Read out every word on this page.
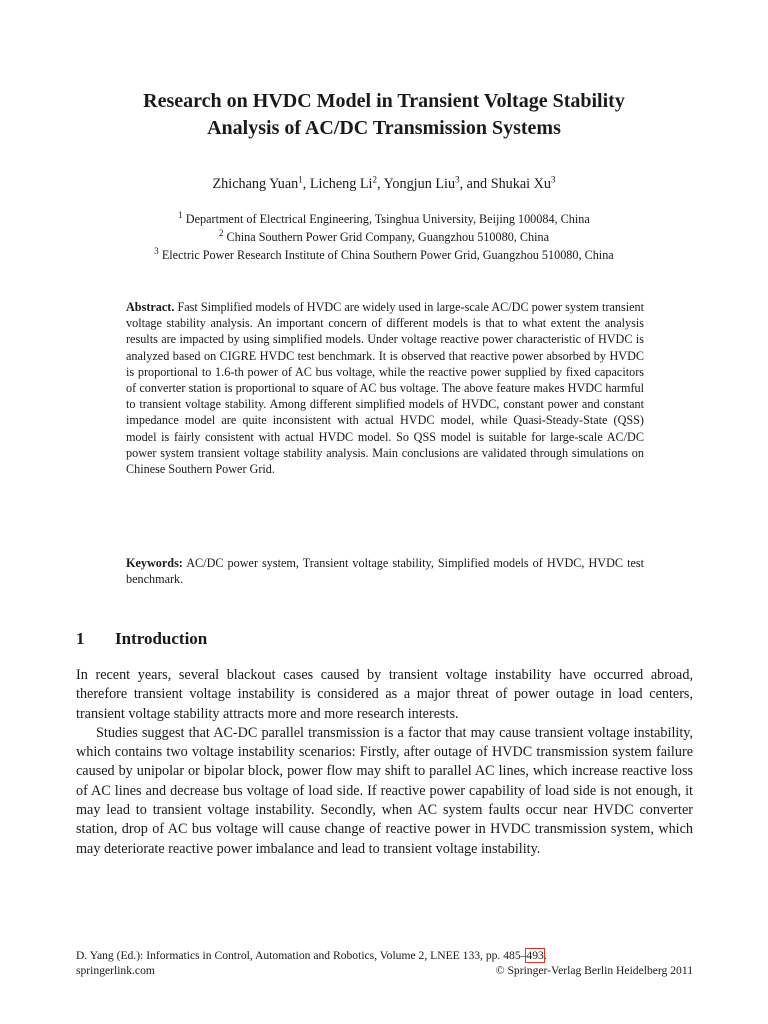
Research on HVDC Model in Transient Voltage Stability
Analysis of AC/DC Transmission Systems
Zhichang Yuan$^1$, Licheng Li$^2$, Yongjun Liu$^3$, and Shukai Xu$^3$
$^1$ Department of Electrical Engineering, Tsinghua University, Beijing 100084, China
$^2$ China Southern Power Grid Company, Guangzhou 510080, China
$^3$ Electric Power Research Institute of China Southern Power Grid, Guangzhou 510080, China
Abstract. Fast Simplified models of HVDC are widely used in large-scale AC/DC power system transient voltage stability analysis. An important concern of different models is that to what extent the analysis results are impacted by using simplified models. Under voltage reactive power characteristic of HVDC is analyzed based on CIGRE HVDC test benchmark. It is observed that reactive power absorbed by HVDC is proportional to 1.6-th power of AC bus voltage, while the reactive power supplied by fixed capacitors of converter station is proportional to square of AC bus voltage. The above feature makes HVDC harmful to transient voltage stability. Among different simplified models of HVDC, constant power and constant impedance model are quite inconsistent with actual HVDC model, while Quasi-Steady-State (QSS) model is fairly consistent with actual HVDC model. So QSS model is suitable for large-scale AC/DC power system transient voltage stability analysis. Main conclusions are validated through simulations on Chinese Southern Power Grid.
Keywords: AC/DC power system, Transient voltage stability, Simplified models of HVDC, HVDC test benchmark.
1 Introduction

In recent years, several blackout cases caused by transient voltage instability have occurred abroad, therefore transient voltage instability is considered as a major threat of power outage in load centers, transient voltage stability attracts more and more research interests.

Studies suggest that AC-DC parallel transmission is a factor that may cause transient voltage instability, which contains two voltage instability scenarios: Firstly, after outage of HVDC transmission system failure caused by unipolar or bipolar block, power flow may shift to parallel AC lines, which increase reactive loss of AC lines and decrease bus voltage of load side. If reactive power capability of load side is not enough, it may lead to transient voltage instability. Secondly, when AC system faults occur near HVDC converter station, drop of AC bus voltage will cause change of reactive power in HVDC transmission system, which may deteriorate reactive power imbalance and lead to transient voltage instability.

D. Yang (Ed.): Informatics in Control, Automation and Robotics, Volume 2, LNEE 133, pp. 485–493.
springerlink.com	© Springer-Verlag Berlin Heidelberg 2011
